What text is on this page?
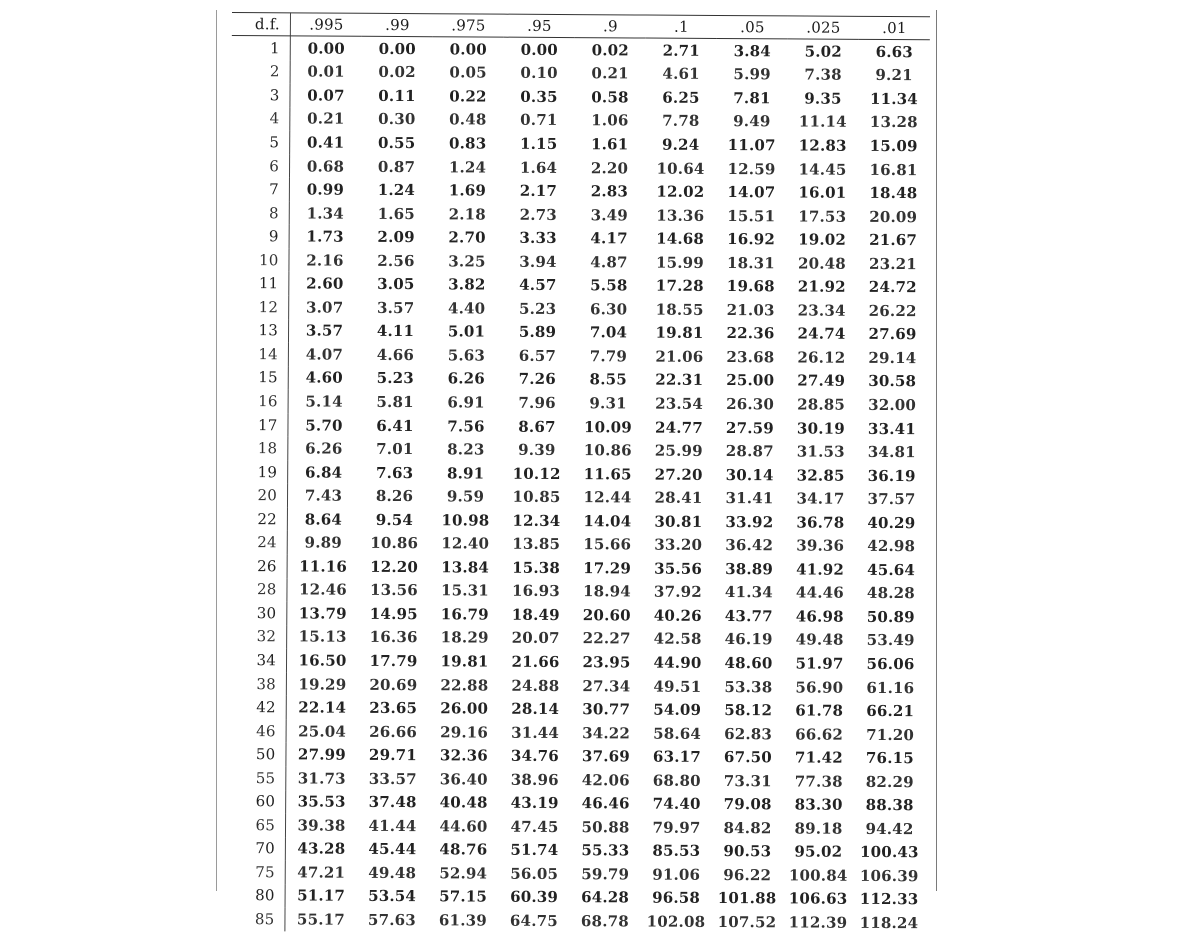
d.f.	.995	.99	.975	.95	.9	.1	.05	.025	.01
1	0.00	0.00	0.00	0.00	0.02	2.71	3.84	5.02	6.63
2	0.01	0.02	0.05	0.10	0.21	4.61	5.99	7.38	9.21
3	0.07	0.11	0.22	0.35	0.58	6.25	7.81	9.35	11.34
4	0.21	0.30	0.48	0.71	1.06	7.78	9.49	11.14	13.28
5	0.41	0.55	0.83	1.15	1.61	9.24	11.07	12.83	15.09
6	0.68	0.87	1.24	1.64	2.20	10.64	12.59	14.45	16.81
7	0.99	1.24	1.69	2.17	2.83	12.02	14.07	16.01	18.48
8	1.34	1.65	2.18	2.73	3.49	13.36	15.51	17.53	20.09
9	1.73	2.09	2.70	3.33	4.17	14.68	16.92	19.02	21.67
10	2.16	2.56	3.25	3.94	4.87	15.99	18.31	20.48	23.21
11	2.60	3.05	3.82	4.57	5.58	17.28	19.68	21.92	24.72
12	3.07	3.57	4.40	5.23	6.30	18.55	21.03	23.34	26.22
13	3.57	4.11	5.01	5.89	7.04	19.81	22.36	24.74	27.69
14	4.07	4.66	5.63	6.57	7.79	21.06	23.68	26.12	29.14
15	4.60	5.23	6.26	7.26	8.55	22.31	25.00	27.49	30.58
16	5.14	5.81	6.91	7.96	9.31	23.54	26.30	28.85	32.00
17	5.70	6.41	7.56	8.67	10.09	24.77	27.59	30.19	33.41
18	6.26	7.01	8.23	9.39	10.86	25.99	28.87	31.53	34.81
19	6.84	7.63	8.91	10.12	11.65	27.20	30.14	32.85	36.19
20	7.43	8.26	9.59	10.85	12.44	28.41	31.41	34.17	37.57
22	8.64	9.54	10.98	12.34	14.04	30.81	33.92	36.78	40.29
24	9.89	10.86	12.40	13.85	15.66	33.20	36.42	39.36	42.98
26	11.16	12.20	13.84	15.38	17.29	35.56	38.89	41.92	45.64
28	12.46	13.56	15.31	16.93	18.94	37.92	41.34	44.46	48.28
30	13.79	14.95	16.79	18.49	20.60	40.26	43.77	46.98	50.89
32	15.13	16.36	18.29	20.07	22.27	42.58	46.19	49.48	53.49
34	16.50	17.79	19.81	21.66	23.95	44.90	48.60	51.97	56.06
38	19.29	20.69	22.88	24.88	27.34	49.51	53.38	56.90	61.16
42	22.14	23.65	26.00	28.14	30.77	54.09	58.12	61.78	66.21
46	25.04	26.66	29.16	31.44	34.22	58.64	62.83	66.62	71.20
50	27.99	29.71	32.36	34.76	37.69	63.17	67.50	71.42	76.15
55	31.73	33.57	36.40	38.96	42.06	68.80	73.31	77.38	82.29
60	35.53	37.48	40.48	43.19	46.46	74.40	79.08	83.30	88.38
65	39.38	41.44	44.60	47.45	50.88	79.97	84.82	89.18	94.42
70	43.28	45.44	48.76	51.74	55.33	85.53	90.53	95.02	100.43
75	47.21	49.48	52.94	56.05	59.79	91.06	96.22	100.84	106.39
80	51.17	53.54	57.15	60.39	64.28	96.58	101.88	106.63	112.33
85	55.17	57.63	61.39	64.75	68.78	102.08	107.52	112.39	118.24
